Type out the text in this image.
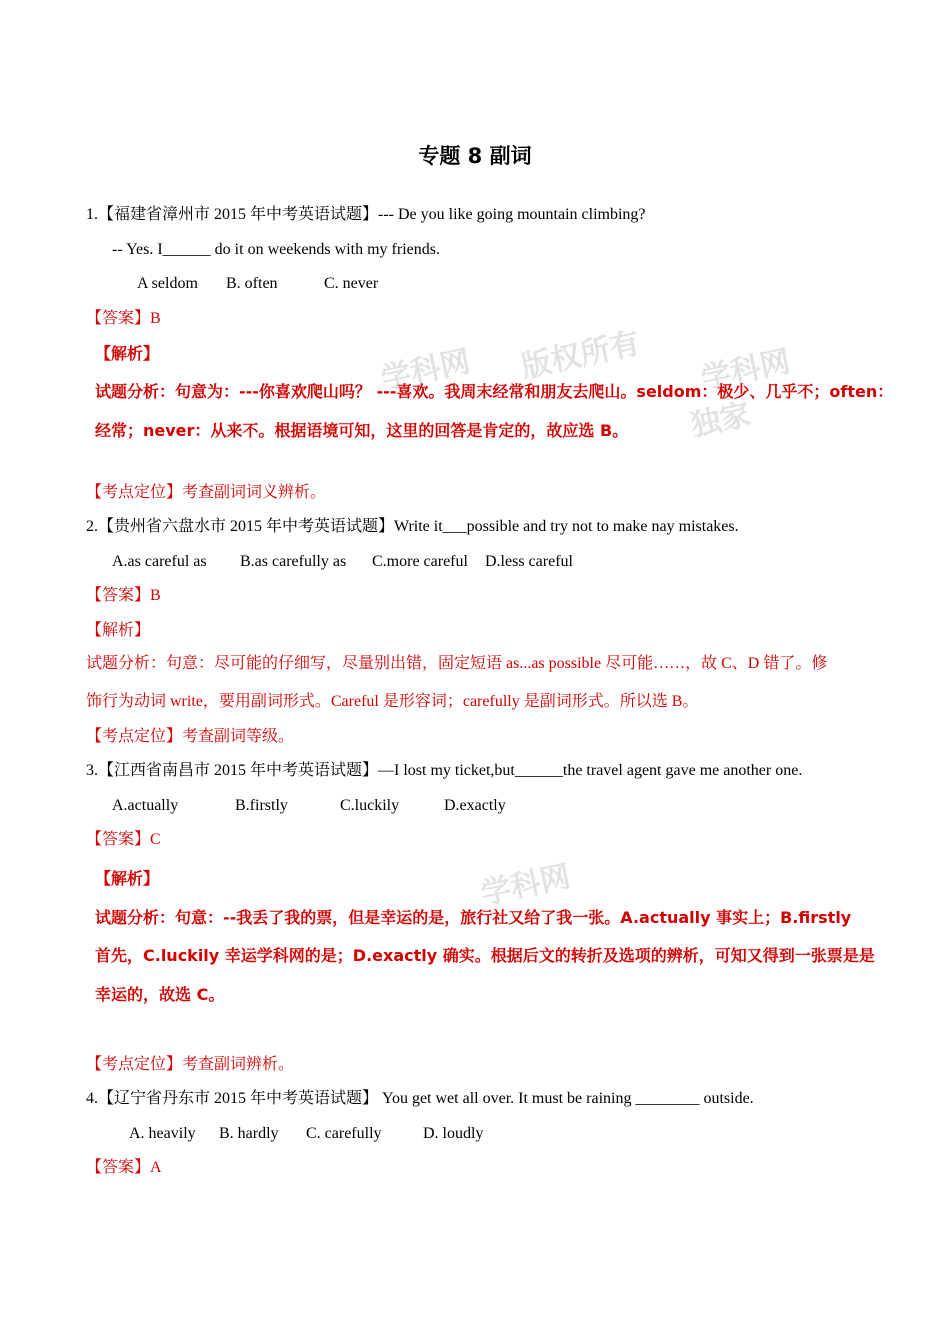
学科网 版权所有 学科网
独家
学科网
专题 8 副词
1.【福建省漳州市 2015 年中考英语试题】--- De you like going mountain climbing?
-- Yes. I______ do it on weekends with my friends.
A seldom B. often	C. never
【答案】B
【解析】
试题分析：句意为：---你喜欢爬山吗？ ---喜欢。我周末经常和朋友去爬山。seldom：极少、几乎不；often：
经常；never：从来不。根据语境可知，这里的回答是肯定的，故应选 B。
【考点定位】考查副词词义辨析。
2.【贵州省六盘水市 2015 年中考英语试题】Write it___possible and try not to make nay mistakes.
A.as careful as B.as carefully as C.more careful D.less careful
【答案】B
【解析】
试题分析：句意：尽可能的仔细写，尽量别出错，固定短语 as...as possible 尽可能……，故 C、D 错了。修
饰行为动词 write，要用副词形式。Careful 是形容词；carefully 是副词形式。所以选 B。
【考点定位】考查副词等级。
3.【江西省南昌市 2015 年中考英语试题】—I lost my ticket,but______the travel agent gave me another one.
A.actually	B.firstly	C.luckily	D.exactly
【答案】C
【解析】
试题分析：句意：--我丢了我的票，但是幸运的是，旅行社又给了我一张。A.actually 事实上；B.firstly
首先，C.luckily 幸运学科网的是；D.exactly 确实。根据后文的转折及选项的辨析，可知又得到一张票是是
幸运的，故选 C。
【考点定位】考查副词辨析。
4.【辽宁省丹东市 2015 年中考英语试题】 You get wet all over. It must be raining ________ outside.
A. heavily B. hardly C. carefully	D. loudly
【答案】A
